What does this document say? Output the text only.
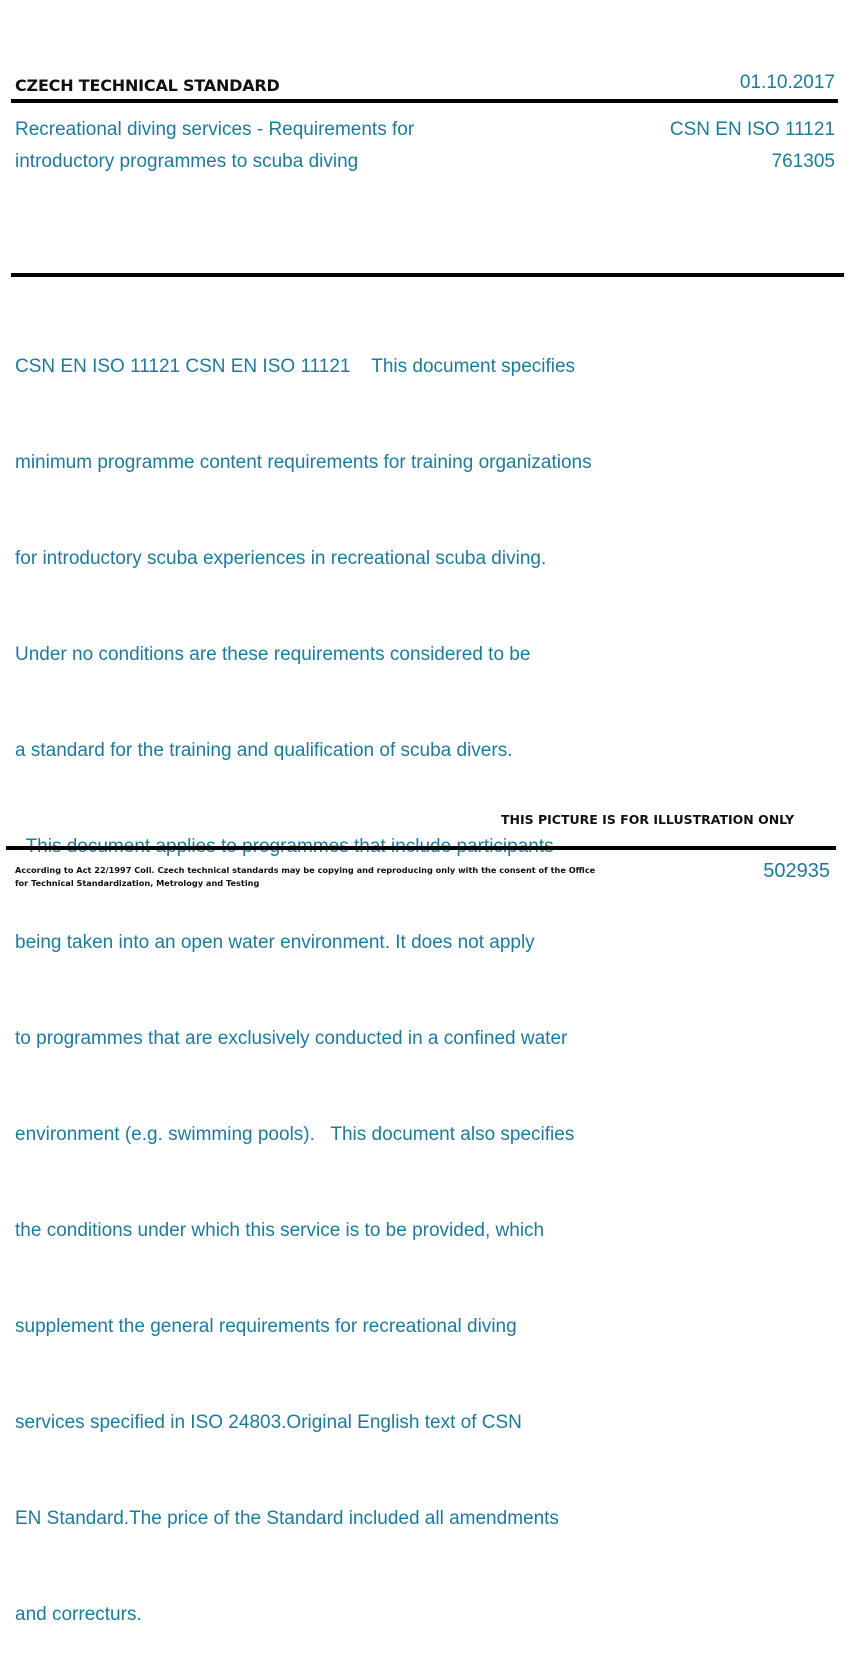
CZECH TECHNICAL STANDARD	01.10.2017
Recreational diving services - Requirements for
introductory programmes to scuba diving
CSN EN ISO 11121
761305

CSN EN ISO 11121 CSN EN ISO 11121    This document specifies

minimum programme content requirements for training organizations

for introductory scuba experiences in recreational scuba diving.

Under no conditions are these requirements considered to be

a standard for the training and qualification of scuba divers.

being taken into an open water environment. It does not apply

to programmes that are exclusively conducted in a confined water

environment (e.g. swimming pools).   This document also specifies

the conditions under which this service is to be provided, which

supplement the general requirements for recreational diving

services specified in ISO 24803.Original English text of CSN

EN Standard.The price of the Standard included all amendments

and correcturs.

THIS PICTURE IS FOR ILLUSTRATION ONLY
According to Act 22/1997 Coll. Czech technical standards may be copying and reproducing only with the consent of the Office
for Technical Standardization, Metrology and Testing
502935
